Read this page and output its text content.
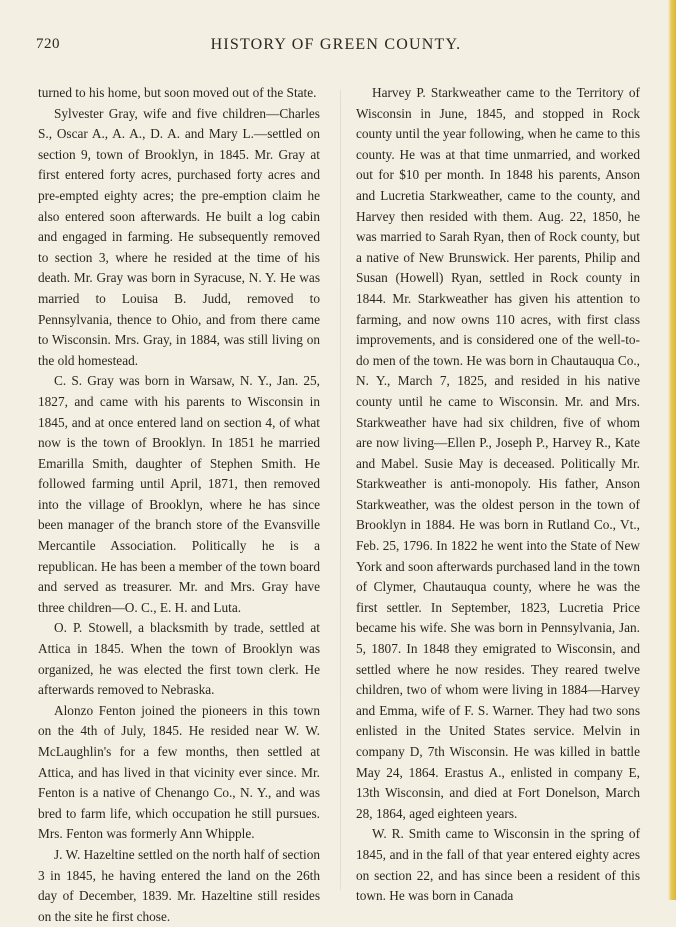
720	HISTORY OF GREEN COUNTY.

turned to his home, but soon moved out of the State.

Sylvester Gray, wife and five children—Charles S., Oscar A., A. A., D. A. and Mary L.—settled on section 9, town of Brooklyn, in 1845. Mr. Gray at first entered forty acres, purchased forty acres and pre-empted eighty acres; the pre-emption claim he also entered soon afterwards. He built a log cabin and engaged in farming. He subsequently removed to section 3, where he resided at the time of his death. Mr. Gray was born in Syracuse, N. Y. He was married to Louisa B. Judd, removed to Pennsylvania, thence to Ohio, and from there came to Wisconsin. Mrs. Gray, in 1884, was still living on the old homestead.

C. S. Gray was born in Warsaw, N. Y., Jan. 25, 1827, and came with his parents to Wisconsin in 1845, and at once entered land on section 4, of what now is the town of Brooklyn. In 1851 he married Emarilla Smith, daughter of Stephen Smith. He followed farming until April, 1871, then removed into the village of Brooklyn, where he has since been manager of the branch store of the Evansville Mercantile Association. Politically he is a republican. He has been a member of the town board and served as treasurer. Mr. and Mrs. Gray have three children—O. C., E. H. and Luta.

O. P. Stowell, a blacksmith by trade, settled at Attica in 1845. When the town of Brooklyn was organized, he was elected the first town clerk. He afterwards removed to Nebraska.

Alonzo Fenton joined the pioneers in this town on the 4th of July, 1845. He resided near W. W. McLaughlin's for a few months, then settled at Attica, and has lived in that vicinity ever since. Mr. Fenton is a native of Chenango Co., N. Y., and was bred to farm life, which occupation he still pursues. Mrs. Fenton was formerly Ann Whipple.

J. W. Hazeltine settled on the north half of section 3 in 1845, he having entered the land on the 26th day of December, 1839. Mr. Hazeltine still resides on the site he first chose.

Harvey P. Starkweather came to the Territory of Wisconsin in June, 1845, and stopped in Rock county until the year following, when he came to this county. He was at that time unmarried, and worked out for $10 per month. In 1848 his parents, Anson and Lucretia Starkweather, came to the county, and Harvey then resided with them. Aug. 22, 1850, he was married to Sarah Ryan, then of Rock county, but a native of New Brunswick. Her parents, Philip and Susan (Howell) Ryan, settled in Rock county in 1844. Mr. Starkweather has given his attention to farming, and now owns 110 acres, with first class improvements, and is considered one of the well-to-do men of the town. He was born in Chautauqua Co., N. Y., March 7, 1825, and resided in his native county until he came to Wisconsin. Mr. and Mrs. Starkweather have had six children, five of whom are now living—Ellen P., Joseph P., Harvey R., Kate and Mabel. Susie May is deceased. Politically Mr. Starkweather is anti-monopoly. His father, Anson Starkweather, was the oldest person in the town of Brooklyn in 1884. He was born in Rutland Co., Vt., Feb. 25, 1796. In 1822 he went into the State of New York and soon afterwards purchased land in the town of Clymer, Chautauqua county, where he was the first settler. In September, 1823, Lucretia Price became his wife. She was born in Pennsylvania, Jan. 5, 1807. In 1848 they emigrated to Wisconsin, and settled where he now resides. They reared twelve children, two of whom were living in 1884—Harvey and Emma, wife of F. S. Warner. They had two sons enlisted in the United States service. Melvin in company D, 7th Wisconsin. He was killed in battle May 24, 1864. Erastus A., enlisted in company E, 13th Wisconsin, and died at Fort Donelson, March 28, 1864, aged eighteen years.

W. R. Smith came to Wisconsin in the spring of 1845, and in the fall of that year entered eighty acres on section 22, and has since been a resident of this town. He was born in Canada
